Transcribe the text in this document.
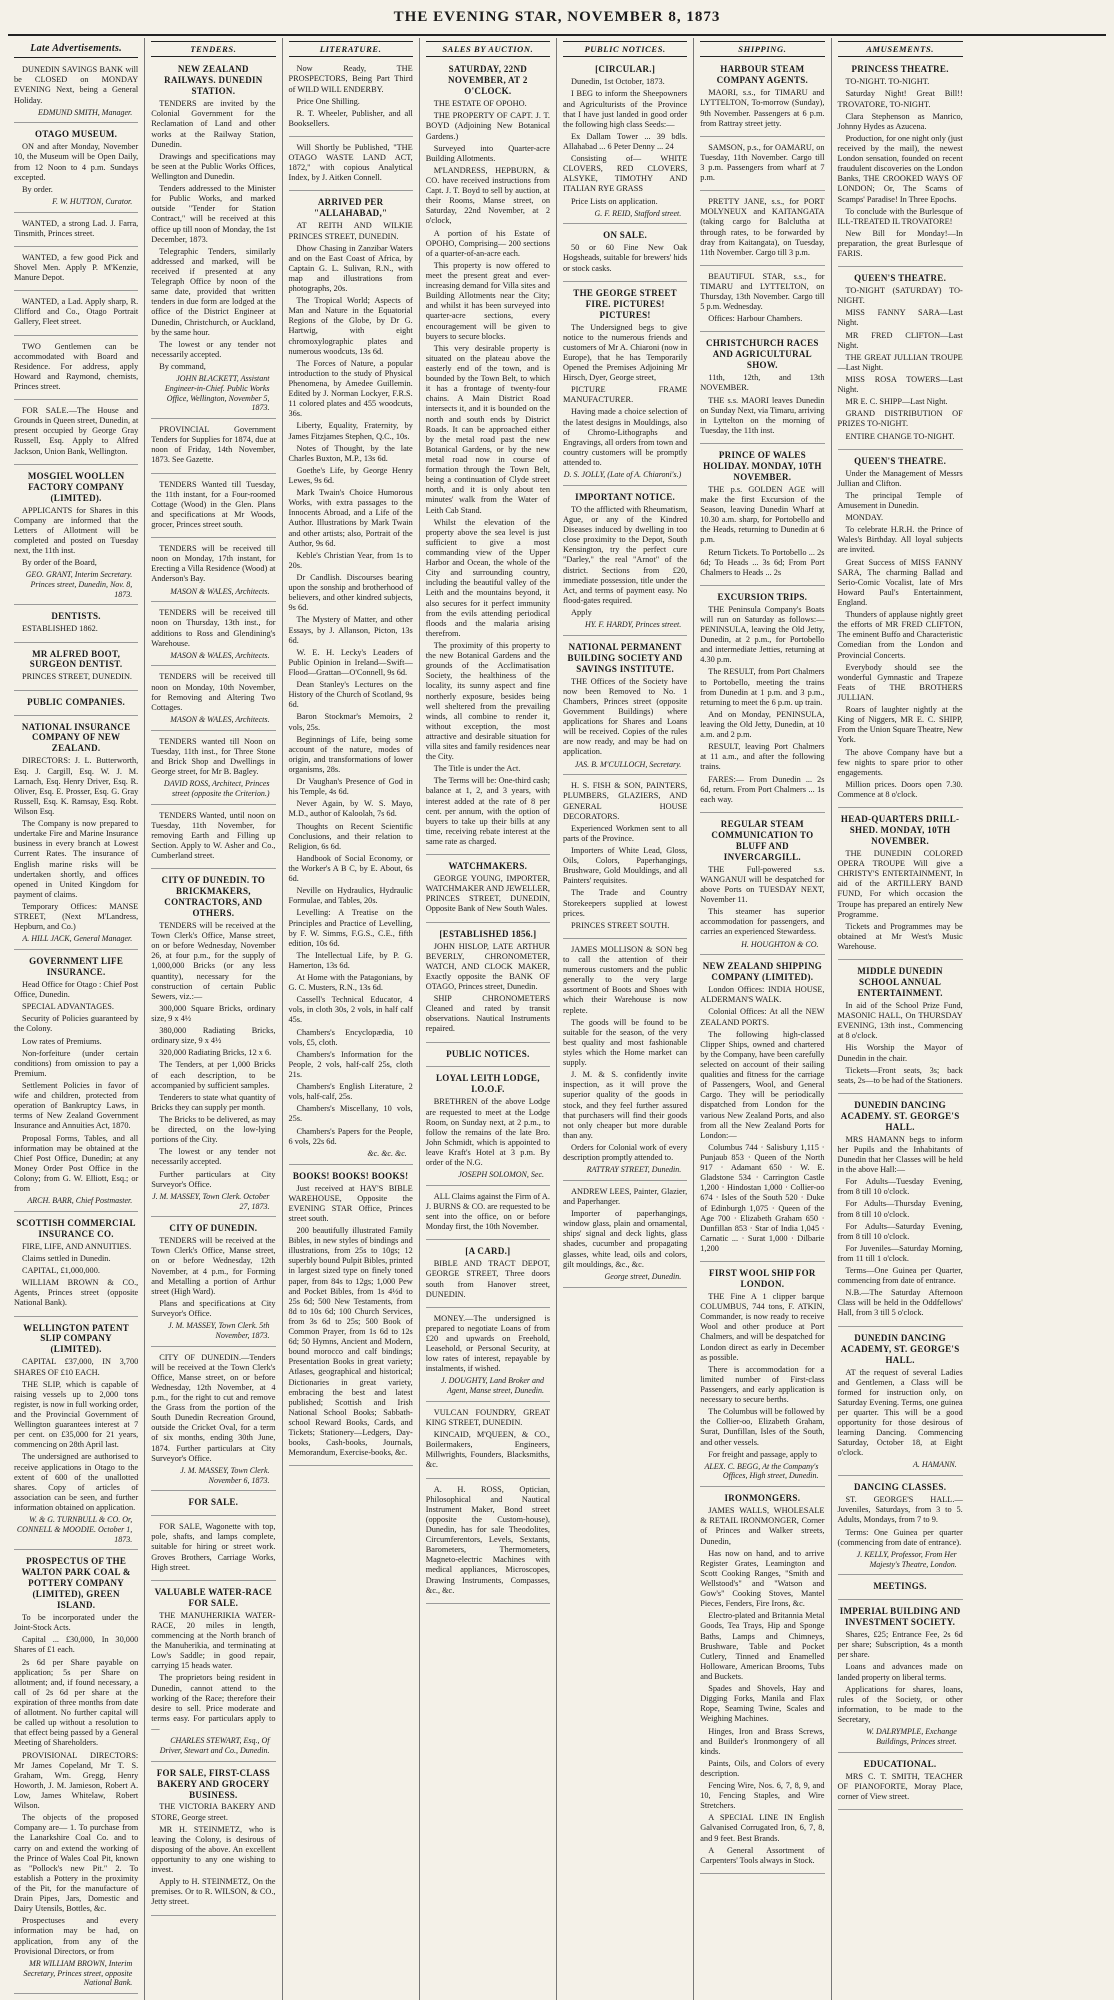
THE EVENING STAR, NOVEMBER 8, 1873
Late Advertisements.

DUNEDIN SAVINGS BANK will be CLOSED on MONDAY EVENING Next, being a General Holiday.

EDMUND SMITH, Manager.
OTAGO MUSEUM.

ON and after Monday, November 10, the Museum will be Open Daily, from 12 Noon to 4 p.m. Sundays excepted.

By order.

F. W. HUTTON, Curator.

WANTED, a strong Lad. J. Farra, Tinsmith, Princes street.

WANTED, a few good Pick and Shovel Men. Apply P. M'Kenzie, Manure Depot.

WANTED, a Lad. Apply sharp, R. Clifford and Co., Otago Portrait Gallery, Fleet street.

TWO Gentlemen can be accommodated with Board and Residence. For address, apply Howard and Raymond, chemists, Princes street.

FOR SALE.—The House and Grounds in Queen street, Dunedin, at present occupied by George Gray Russell, Esq. Apply to Alfred Jackson, Union Bank, Wellington.

MOSGIEL WOOLLEN FACTORY COMPANY (LIMITED).

APPLICANTS for Shares in this Company are informed that the Letters of Allotment will be completed and posted on Tuesday next, the 11th inst.

By order of the Board,

GEO. GRANT, Interim Secretary. Princes street, Dunedin, Nov. 8, 1873.
DENTISTS.

ESTABLISHED 1862.

MR ALFRED BOOT, SURGEON DENTIST.

PRINCES STREET, DUNEDIN.

PUBLIC COMPANIES.
NATIONAL INSURANCE COMPANY OF NEW ZEALAND.

DIRECTORS: J. L. Butterworth, Esq. J. Cargill, Esq. W. J. M. Larnach, Esq. Henry Driver, Esq. R. Oliver, Esq. E. Prosser, Esq. G. Gray Russell, Esq. K. Ramsay, Esq. Robt. Wilson Esq.

The Company is now prepared to undertake Fire and Marine Insurance business in every branch at Lowest Current Rates. The insurance of English marine risks will be undertaken shortly, and offices opened in United Kingdom for payment of claims.

Temporary Offices: MANSE STREET, (Next M'Landress, Hepburn, and Co.)

A. HILL JACK, General Manager.
GOVERNMENT LIFE INSURANCE.

Head Office for Otago : Chief Post Office, Dunedin.

SPECIAL ADVANTAGES.

Security of Policies guaranteed by the Colony.

Low rates of Premiums.

Non-forfeiture (under certain conditions) from omission to pay a Premium.

Settlement Policies in favor of wife and children, protected from operation of Bankruptcy Laws, in terms of New Zealand Government Insurance and Annuities Act, 1870.

Proposal Forms, Tables, and all information may be obtained at the Chief Post Office, Dunedin; at any Money Order Post Office in the Colony; from G. W. Elliott, Esq.; or from

ARCH. BARR, Chief Postmaster.
SCOTTISH COMMERCIAL INSURANCE CO.

FIRE, LIFE, AND ANNUITIES.

Claims settled in Dunedin.

CAPITAL, £1,000,000.

WILLIAM BROWN & CO., Agents, Princes street (opposite National Bank).

WELLINGTON PATENT SLIP COMPANY (LIMITED).

CAPITAL £37,000, IN 3,700 SHARES OF £10 EACH.

THE SLIP, which is capable of raising vessels up to 2,000 tons register, is now in full working order, and the Provincial Government of Wellington guarantees interest at 7 per cent. on £35,000 for 21 years, commencing on 28th April last.

The undersigned are authorised to receive applications in Otago to the extent of 600 of the unallotted shares. Copy of articles of association can be seen, and further information obtained on application.

W. & G. TURNBULL & CO. Or, CONNELL & MOODIE. October 1, 1873.
PROSPECTUS OF THE WALTON PARK COAL & POTTERY COMPANY (LIMITED), GREEN ISLAND.

To be incorporated under the Joint-Stock Acts.

Capital ... £30,000, In 30,000 Shares of £1 each.

2s 6d per Share payable on application; 5s per Share on allotment; and, if found necessary, a call of 2s 6d per share at the expiration of three months from date of allotment. No further capital will be called up without a resolution to that effect being passed by a General Meeting of Shareholders.

PROVISIONAL DIRECTORS: Mr James Copeland, Mr T. S. Graham, Wm. Gregg, Henry Howorth, J. M. Jamieson, Robert A. Low, James Whitelaw, Robert Wilson.

The objects of the proposed Company are— 1. To purchase from the Lanarkshire Coal Co. and to carry on and extend the working of the Prince of Wales Coal Pit, known as "Pollock's new Pit." 2. To establish a Pottery in the proximity of the Pit, for the manufacture of Drain Pipes, Jars, Domestic and Dairy Utensils, Bottles, &c.

Prospectuses and every information may be had, on application, from any of the Provisional Directors, or from

MR WILLIAM BROWN, Interim Secretary, Princes street, opposite National Bank.
TENDERS.
NEW ZEALAND RAILWAYS. DUNEDIN STATION.

TENDERS are invited by the Colonial Government for the Reclamation of Land and other works at the Railway Station, Dunedin.

Drawings and specifications may be seen at the Public Works Offices, Wellington and Dunedin.

Tenders addressed to the Minister for Public Works, and marked outside "Tender for Station Contract," will be received at this office up till noon of Monday, the 1st December, 1873.

Telegraphic Tenders, similarly addressed and marked, will be received if presented at any Telegraph Office by noon of the same date, provided that written tenders in due form are lodged at the office of the District Engineer at Dunedin, Christchurch, or Auckland, by the same hour.

The lowest or any tender not necessarily accepted.

By command,

JOHN BLACKETT, Assistant Engineer-in-Chief. Public Works Office, Wellington, November 5, 1873.

PROVINCIAL Government Tenders for Supplies for 1874, due at noon of Friday, 14th November, 1873. See Gazette.

TENDERS Wanted till Tuesday, the 11th instant, for a Four-roomed Cottage (Wood) in the Glen. Plans and specifications at Mr Woods, grocer, Princes street south.

TENDERS will be received till noon on Monday, 17th instant, for Erecting a Villa Residence (Wood) at Anderson's Bay.

MASON & WALES, Architects.

TENDERS will be received till noon on Thursday, 13th inst., for additions to Ross and Glendining's Warehouse.

MASON & WALES, Architects.

TENDERS will be received till noon on Monday, 10th November, for Removing and Altering Two Cottages.

MASON & WALES, Architects.

TENDERS wanted till Noon on Tuesday, 11th inst., for Three Stone and Brick Shop and Dwellings in George street, for Mr B. Bagley.

DAVID ROSS, Architect, Princes street (opposite the Criterion.)

TENDERS Wanted, until noon on Tuesday, 11th November, for removing Earth and Filling up Section. Apply to W. Asher and Co., Cumberland street.

CITY OF DUNEDIN. TO BRICKMAKERS, CONTRACTORS, AND OTHERS.

TENDERS will be received at the Town Clerk's Office, Manse street, on or before Wednesday, November 26, at four p.m., for the supply of 1,000,000 Bricks (or any less quantity), necessary for the construction of certain Public Sewers, viz.:—

300,000 Square Bricks, ordinary size, 9 x 4½

380,000 Radiating Bricks, ordinary size, 9 x 4½

320,000 Radiating Bricks, 12 x 6.

The Tenders, at per 1,000 Bricks of each description, to be accompanied by sufficient samples.

Tenderers to state what quantity of Bricks they can supply per month.

The Bricks to be delivered, as may be directed, on the low-lying portions of the City.

The lowest or any tender not necessarily accepted.

Further particulars at City Surveyor's Office.

J. M. MASSEY, Town Clerk. October 27, 1873.
CITY OF DUNEDIN.

TENDERS will be received at the Town Clerk's Office, Manse street, on or before Wednesday, 12th November, at 4 p.m., for Forming and Metalling a portion of Arthur street (High Ward).

Plans and specifications at City Surveyor's Office.

J. M. MASSEY, Town Clerk. 5th November, 1873.

CITY OF DUNEDIN.—Tenders will be received at the Town Clerk's Office, Manse street, on or before Wednesday, 12th November, at 4 p.m., for the right to cut and remove the Grass from the portion of the South Dunedin Recreation Ground, outside the Cricket Oval, for a term of six months, ending 30th June, 1874. Further particulars at City Surveyor's Office.

J. M. MASSEY, Town Clerk. November 6, 1873.
FOR SALE.

FOR SALE, Wagonette with top, pole, shafts, and lamps complete, suitable for hiring or street work. Groves Brothers, Carriage Works, High street.

VALUABLE WATER-RACE FOR SALE.

THE MANUHERIKIA WATER-RACE, 20 miles in length, commencing at the North branch of the Manuherikia, and terminating at Low's Saddle; in good repair, carrying 15 heads water.

The proprietors being resident in Dunedin, cannot attend to the working of the Race; therefore their desire to sell. Price moderate and terms easy. For particulars apply to—

CHARLES STEWART, Esq., Of Driver, Stewart and Co., Dunedin.
FOR SALE, FIRST-CLASS BAKERY AND GROCERY BUSINESS.

THE VICTORIA BAKERY AND STORE, George street.

MR H. STEINMETZ, who is leaving the Colony, is desirous of disposing of the above. An excellent opportunity to any one wishing to invest.

Apply to H. STEINMETZ, On the premises. Or to R. WILSON, & CO., Jetty street.

LITERATURE.

Now Ready, THE PROSPECTORS, Being Part Third of WILD WILL ENDERBY.

Price One Shilling.

R. T. Wheeler, Publisher, and all Booksellers.

Will Shortly be Published, "THE OTAGO WASTE LAND ACT, 1872," with copious Analytical Index, by J. Aitken Connell.

ARRIVED PER "ALLAHABAD,"

AT REITH AND WILKIE PRINCES STREET, DUNEDIN.

Dhow Chasing in Zanzibar Waters and on the East Coast of Africa, by Captain G. L. Sulivan, R.N., with map and illustrations from photographs, 20s.

The Tropical World; Aspects of Man and Nature in the Equatorial Regions of the Globe, by Dr G. Hartwig, with eight chromoxylographic plates and numerous woodcuts, 13s 6d.

The Forces of Nature, a popular introduction to the study of Physical Phenomena, by Amedee Guillemin. Edited by J. Norman Lockyer, F.R.S. 11 colored plates and 455 woodcuts, 36s.

Liberty, Equality, Fraternity, by James Fitzjames Stephen, Q.C., 10s.

Notes of Thought, by the late Charles Buxton, M.P., 13s 6d.

Goethe's Life, by George Henry Lewes, 9s 6d.

Mark Twain's Choice Humorous Works, with extra passages to the Innocents Abroad, and a Life of the Author. Illustrations by Mark Twain and other artists; also, Portrait of the Author, 9s 6d.

Keble's Christian Year, from 1s to 20s.

Dr Candlish. Discourses bearing upon the sonship and brotherhood of believers, and other kindred subjects, 9s 6d.

The Mystery of Matter, and other Essays, by J. Allanson, Picton, 13s 6d.

W. E. H. Lecky's Leaders of Public Opinion in Ireland—Swift—Flood—Grattan—O'Connell, 9s 6d.

Dean Stanley's Lectures on the History of the Church of Scotland, 9s 6d.

Baron Stockmar's Memoirs, 2 vols, 25s.

Beginnings of Life, being some account of the nature, modes of origin, and transformations of lower organisms, 28s.

Dr Vaughan's Presence of God in his Temple, 4s 6d.

Never Again, by W. S. Mayo, M.D., author of Kaloolah, 7s 6d.

Thoughts on Recent Scientific Conclusions, and their relation to Religion, 6s 6d.

Handbook of Social Economy, or the Worker's A B C, by E. About, 6s 6d.

Neville on Hydraulics, Hydraulic Formulae, and Tables, 20s.

Levelling: A Treatise on the Principles and Practice of Levelling, by F. W. Simms, F.G.S., C.E., fifth edition, 10s 6d.

The Intellectual Life, by P. G. Hamerton, 13s 6d.

At Home with the Patagonians, by G. C. Musters, R.N., 13s 6d.

Cassell's Technical Educator, 4 vols, in cloth 30s, 2 vols, in half calf 45s.

Chambers's Encyclopædia, 10 vols, £5, cloth.

Chambers's Information for the People, 2 vols, half-calf 25s, cloth 21s.

Chambers's English Literature, 2 vols, half-calf, 25s.

Chambers's Miscellany, 10 vols, 25s.

Chambers's Papers for the People, 6 vols, 22s 6d.

&c. &c. &c.
BOOKS! BOOKS! BOOKS!

Just received at HAY'S BIBLE WAREHOUSE, Opposite the EVENING STAR Office, Princes street south.

200 beautifully illustrated Family Bibles, in new styles of bindings and illustrations, from 25s to 10gs; 12 superbly bound Pulpit Bibles, printed in largest sized type on finely toned paper, from 84s to 12gs; 1,000 Pew and Pocket Bibles, from 1s 4½d to 25s 6d; 500 New Testaments, from 8d to 10s 6d; 100 Church Services, from 3s 6d to 25s; 500 Book of Common Prayer, from 1s 6d to 12s 6d; 50 Hymns, Ancient and Modern, bound morocco and calf bindings; Presentation Books in great variety; Atlases, geographical and historical; Dictionaries in great variety, embracing the best and latest published; Scottish and Irish National School Books; Sabbath-school Reward Books, Cards, and Tickets; Stationery—Ledgers, Day-books, Cash-books, Journals, Memorandum, Exercise-books, &c.

SALES BY AUCTION.
SATURDAY, 22ND NOVEMBER, AT 2 O'CLOCK.

THE ESTATE OF OPOHO.

THE PROPERTY OF CAPT. J. T. BOYD (Adjoining New Botanical Gardens.)

Surveyed into Quarter-acre Building Allotments.

M'LANDRESS, HEPBURN, & CO. have received instructions from Capt. J. T. Boyd to sell by auction, at their Rooms, Manse street, on Saturday, 22nd November, at 2 o'clock,

A portion of his Estate of OPOHO, Comprising— 200 sections of a quarter-of-an-acre each.

This property is now offered to meet the present great and ever-increasing demand for Villa sites and Building Allotments near the City; and whilst it has been surveyed into quarter-acre sections, every encouragement will be given to buyers to secure blocks.

This very desirable property is situated on the plateau above the easterly end of the town, and is bounded by the Town Belt, to which it has a frontage of twenty-four chains. A Main District Road intersects it, and it is bounded on the north and south ends by District Roads. It can be approached either by the metal road past the new Botanical Gardens, or by the new metal road now in course of formation through the Town Belt, being a continuation of Clyde street north, and it is only about ten minutes' walk from the Water of Leith Cab Stand.

Whilst the elevation of the property above the sea level is just sufficient to give a most commanding view of the Upper Harbor and Ocean, the whole of the City and surrounding country, including the beautiful valley of the Leith and the mountains beyond, it also secures for it perfect immunity from the evils attending periodical floods and the malaria arising therefrom.

The proximity of this property to the new Botanical Gardens and the grounds of the Acclimatisation Society, the healthiness of the locality, its sunny aspect and fine northerly exposure, besides being well sheltered from the prevailing winds, all combine to render it, without exception, the most attractive and desirable situation for villa sites and family residences near the City.

The Title is under the Act.

The Terms will be: One-third cash; balance at 1, 2, and 3 years, with interest added at the rate of 8 per cent. per annum, with the option of buyers to take up their bills at any time, receiving rebate interest at the same rate as charged.

WATCHMAKERS.

GEORGE YOUNG, IMPORTER, WATCHMAKER AND JEWELLER, PRINCES STREET, DUNEDIN, Opposite Bank of New South Wales.

[ESTABLISHED 1856.]

JOHN HISLOP, LATE ARTHUR BEVERLY, CHRONOMETER, WATCH, AND CLOCK MAKER, Exactly opposite the BANK OF OTAGO, Princes street, Dunedin.

SHIP CHRONOMETERS Cleaned and rated by transit observations. Nautical Instruments repaired.

PUBLIC NOTICES.
LOYAL LEITH LODGE, I.O.O.F.

BRETHREN of the above Lodge are requested to meet at the Lodge Room, on Sunday next, at 2 p.m., to follow the remains of the late Bro. John Schmidt, which is appointed to leave Kraft's Hotel at 3 p.m. By order of the N.G.

JOSEPH SOLOMON, Sec.

ALL Claims against the Firm of A. J. BURNS & CO. are requested to be sent into the office, on or before Monday first, the 10th November.

[A CARD.]

BIBLE AND TRACT DEPOT, GEORGE STREET, Three doors south from Hanover street, DUNEDIN.

MONEY.—The undersigned is prepared to negotiate Loans of from £20 and upwards on Freehold, Leasehold, or Personal Security, at low rates of interest, repayable by instalments, if wished.

J. DOUGHTY, Land Broker and Agent, Manse street, Dunedin.

VULCAN FOUNDRY, GREAT KING STREET, DUNEDIN.

KINCAID, M'QUEEN, & CO., Boilermakers, Engineers, Millwrights, Founders, Blacksmiths, &c.

A. H. ROSS, Optician, Philosophical and Nautical Instrument Maker, Bond street (opposite the Custom-house), Dunedin, has for sale Theodolites, Circumferentors, Levels, Sextants, Barometers, Thermometers, Magneto-electric Machines with medical appliances, Microscopes, Drawing Instruments, Compasses, &c., &c.

PUBLIC NOTICES.
[CIRCULAR.]

Dunedin, 1st October, 1873.

I BEG to inform the Sheepowners and Agriculturists of the Province that I have just landed in good order the following high class Seeds:—

Ex Dallam Tower ... 39 bdls. Allahabad ... 6 Peter Denny ... 24

Consisting of— WHITE CLOVERS, RED CLOVERS, ALSYKE, TIMOTHY AND ITALIAN RYE GRASS

Price Lists on application.

G. F. REID, Stafford street.
ON SALE.

50 or 60 Fine New Oak Hogsheads, suitable for brewers' hids or stock casks.

THE GEORGE STREET FIRE. PICTURES! PICTURES!

The Undersigned begs to give notice to the numerous friends and customers of Mr A. Chiaroni (now in Europe), that he has Temporarily Opened the Premises Adjoining Mr Hirsch, Dyer, George street,

PICTURE FRAME MANUFACTURER.

Having made a choice selection of the latest designs in Mouldings, also of Chromo-Lithographs and Engravings, all orders from town and country customers will be promptly attended to.

D. S. JOLLY, (Late of A. Chiaroni's.)
IMPORTANT NOTICE.

TO the afflicted with Rheumatism, Ague, or any of the Kindred Diseases induced by dwelling in too close proximity to the Depot, South Kensington, try the perfect cure "Darley," the real "Arnot" of the district. Sections from £20, immediate possession, title under the Act, and terms of payment easy. No flood-gates required.

Apply

HY. F. HARDY, Princes street.
NATIONAL PERMANENT BUILDING SOCIETY AND SAVINGS INSTITUTE.

THE Offices of the Society have now been Removed to No. 1 Chambers, Princes street (opposite Government Buildings) where applications for Shares and Loans will be received. Copies of the rules are now ready, and may be had on application.

JAS. B. M'CULLOCH, Secretary.

H. S. FISH & SON, PAINTERS, PLUMBERS, GLAZIERS, AND GENERAL HOUSE DECORATORS.

Experienced Workmen sent to all parts of the Province.

Importers of White Lead, Gloss, Oils, Colors, Paperhangings, Brushware, Gold Mouldings, and all Painters' requisites.

The Trade and Country Storekeepers supplied at lowest prices.

PRINCES STREET SOUTH.

JAMES MOLLISON & SON beg to call the attention of their numerous customers and the public generally to the very large assortment of Boots and Shoes with which their Warehouse is now replete.

The goods will be found to be suitable for the season, of the very best quality and most fashionable styles which the Home market can supply.

J. M. & S. confidently invite inspection, as it will prove the superior quality of the goods in stock, and they feel further assured that purchasers will find their goods not only cheaper but more durable than any.

Orders for Colonial work of every description promptly attended to.

RATTRAY STREET, Dunedin.

ANDREW LEES, Painter, Glazier, and Paperhanger.

Importer of paperhangings, window glass, plain and ornamental, ships' signal and deck lights, glass shades, cucumber and propagating glasses, white lead, oils and colors, gilt mouldings, &c., &c.

George street, Dunedin.
SHIPPING.
HARBOUR STEAM COMPANY AGENTS.

MAORI, s.s., for TIMARU and LYTTELTON, To-morrow (Sunday), 9th November. Passengers at 6 p.m. from Rattray street jetty.

SAMSON, p.s., for OAMARU, on Tuesday, 11th November. Cargo till 3 p.m. Passengers from wharf at 7 p.m.

PRETTY JANE, s.s., for PORT MOLYNEUX and KAITANGATA (taking cargo for Balclutha at through rates, to be forwarded by dray from Kaitangata), on Tuesday, 11th November. Cargo till 3 p.m.

BEAUTIFUL STAR, s.s., for TIMARU and LYTTELTON, on Thursday, 13th November. Cargo till 5 p.m. Wednesday.

Offices: Harbour Chambers.

CHRISTCHURCH RACES AND AGRICULTURAL SHOW.

11th, 12th, and 13th NOVEMBER.

THE s.s. MAORI leaves Dunedin on Sunday Next, via Timaru, arriving in Lyttelton on the morning of Tuesday, the 11th inst.

PRINCE OF WALES HOLIDAY. MONDAY, 10TH NOVEMBER.

THE p.s. GOLDEN AGE will make the first Excursion of the Season, leaving Dunedin Wharf at 10.30 a.m. sharp, for Portobello and the Heads, returning to Dunedin at 6 p.m.

Return Tickets. To Portobello ... 2s 6d; To Heads ... 3s 6d; From Port Chalmers to Heads ... 2s

EXCURSION TRIPS.

THE Peninsula Company's Boats will run on Saturday as follows:— PENINSULA, leaving the Old Jetty, Dunedin, at 2 p.m., for Portobello and intermediate Jetties, returning at 4.30 p.m.

The RESULT, from Port Chalmers to Portobello, meeting the trains from Dunedin at 1 p.m. and 3 p.m., returning to meet the 6 p.m. up train.

And on Monday, PENINSULA, leaving the Old Jetty, Dunedin, at 10 a.m. and 2 p.m.

RESULT, leaving Port Chalmers at 11 a.m., and after the following trains.

FARES:— From Dunedin ... 2s 6d, return. From Port Chalmers ... 1s each way.

REGULAR STEAM COMMUNICATION TO BLUFF AND INVERCARGILL.

THE Full-powered s.s. WANGANUI will be despatched for above Ports on TUESDAY NEXT, November 11.

This steamer has superior accommodation for passengers, and carries an experienced Stewardess.

H. HOUGHTON & CO.
NEW ZEALAND SHIPPING COMPANY (LIMITED).

London Offices: INDIA HOUSE, ALDERMAN'S WALK.

Colonial Offices: At all the NEW ZEALAND PORTS.

The following high-classed Clipper Ships, owned and chartered by the Company, have been carefully selected on account of their sailing qualities and fitness for the carriage of Passengers, Wool, and General Cargo. They will be periodically dispatched from London for the various New Zealand Ports, and also from all the New Zealand Ports for London:—

Columbus 744 · Salisbury 1,115 · Punjaub 853 · Queen of the North 917 · Adamant 650 · W. E. Gladstone 534 · Carrington Castle 1,200 · Hindostan 1,000 · Collier-oo 674 · Isles of the South 520 · Duke of Edinburgh 1,075 · Queen of the Age 700 · Elizabeth Graham 650 · Dunfillan 853 · Star of India 1,045 · Carnatic ... · Surat 1,000 · Dilbarie 1,200

FIRST WOOL SHIP FOR LONDON.

THE Fine A 1 clipper barque COLUMBUS, 744 tons, F. ATKIN, Commander, is now ready to receive Wool and other produce at Port Chalmers, and will be despatched for London direct as early in December as possible.

There is accommodation for a limited number of First-class Passengers, and early application is necessary to secure berths.

The Columbus will be followed by the Collier-oo, Elizabeth Graham, Surat, Dunfillan, Isles of the South, and other vessels.

For freight and passage, apply to

ALEX. C. BEGG, At the Company's Offices, High street, Dunedin.
IRONMONGERS.

JAMES WALLS, WHOLESALE & RETAIL IRONMONGER, Corner of Princes and Walker streets, Dunedin,

Has now on hand, and to arrive Register Grates, Leamington and Scott Cooking Ranges, "Smith and Wellstood's" and "Watson and Gow's" Cooking Stoves, Mantel Pieces, Fenders, Fire Irons, &c.

Electro-plated and Britannia Metal Goods, Tea Trays, Hip and Sponge Baths, Lamps and Chimneys, Brushware, Table and Pocket Cutlery, Tinned and Enamelled Holloware, American Brooms, Tubs and Buckets.

Spades and Shovels, Hay and Digging Forks, Manila and Flax Rope, Seaming Twine, Scales and Weighing Machines.

Hinges, Iron and Brass Screws, and Builder's Ironmongery of all kinds.

Paints, Oils, and Colors of every description.

Fencing Wire, Nos. 6, 7, 8, 9, and 10, Fencing Staples, and Wire Stretchers.

A SPECIAL LINE IN English Galvanised Corrugated Iron, 6, 7, 8, and 9 feet. Best Brands.

A General Assortment of Carpenters' Tools always in Stock.

AMUSEMENTS.
PRINCESS THEATRE.

TO-NIGHT. TO-NIGHT.

Saturday Night! Great Bill!! TROVATORE, TO-NIGHT.

Clara Stephenson as Manrico, Johnny Hydes as Azucena.

Production, for one night only (just received by the mail), the newest London sensation, founded on recent fraudulent discoveries on the London Banks, THE CROOKED WAYS OF LONDON; Or, The Scams of Scamps' Paradise! In Three Epochs.

To conclude with the Burlesque of ILL-TREATED IL TROVATORE!

New Bill for Monday!—In preparation, the great Burlesque of FARIS.

QUEEN'S THEATRE.

TO-NIGHT (SATURDAY) TO-NIGHT.

MISS FANNY SARA—Last Night.

MR FRED CLIFTON—Last Night.

THE GREAT JULLIAN TROUPE—Last Night.

MISS ROSA TOWERS—Last Night.

MR E. C. SHIPP—Last Night.

GRAND DISTRIBUTION OF PRIZES TO-NIGHT.

ENTIRE CHANGE TO-NIGHT.

QUEEN'S THEATRE.

Under the Management of Messrs Jullian and Clifton.

The principal Temple of Amusement in Dunedin.

MONDAY.

To celebrate H.R.H. the Prince of Wales's Birthday. All loyal subjects are invited.

Great Success of MISS FANNY SARA, The charming Ballad and Serio-Comic Vocalist, late of Mrs Howard Paul's Entertainment, England.

Thunders of applause nightly greet the efforts of MR FRED CLIFTON, The eminent Buffo and Characteristic Comedian from the London and Provincial Concerts.

Everybody should see the wonderful Gymnastic and Trapeze Feats of THE BROTHERS JULLIAN.

Roars of laughter nightly at the King of Niggers, MR E. C. SHIPP, From the Union Square Theatre, New York.

The above Company have but a few nights to spare prior to other engagements.

Million prices. Doors open 7.30. Commence at 8 o'clock.

HEAD-QUARTERS DRILL-SHED. MONDAY, 10TH NOVEMBER.

THE DUNEDIN COLORED OPERA TROUPE Will give a CHRISTY'S ENTERTAINMENT, In aid of the ARTILLERY BAND FUND, For which occasion the Troupe has prepared an entirely New Programme.

Tickets and Programmes may be obtained at Mr West's Music Warehouse.

MIDDLE DUNEDIN SCHOOL ANNUAL ENTERTAINMENT.

In aid of the School Prize Fund, MASONIC HALL, On THURSDAY EVENING, 13th inst., Commencing at 8 o'clock.

His Worship the Mayor of Dunedin in the chair.

Tickets—Front seats, 3s; back seats, 2s—to be had of the Stationers.

DUNEDIN DANCING ACADEMY. ST. GEORGE'S HALL.

MRS HAMANN begs to inform her Pupils and the Inhabitants of Dunedin that her Classes will be held in the above Hall:—

For Adults—Tuesday Evening, from 8 till 10 o'clock.

For Adults—Thursday Evening, from 8 till 10 o'clock.

For Adults—Saturday Evening, from 8 till 10 o'clock.

For Juveniles—Saturday Morning, from 11 till 1 o'clock.

Terms—One Guinea per Quarter, commencing from date of entrance.

N.B.—The Saturday Afternoon Class will be held in the Oddfellows' Hall, from 3 till 5 o'clock.

DUNEDIN DANCING ACADEMY, ST. GEORGE'S HALL.

AT the request of several Ladies and Gentlemen, a Class will be formed for instruction only, on Saturday Evening. Terms, one guinea per quarter. This will be a good opportunity for those desirous of learning Dancing. Commencing Saturday, October 18, at Eight o'clock.

A. HAMANN.
DANCING CLASSES.

ST. GEORGE'S HALL.—Juveniles, Saturdays, from 3 to 5. Adults, Mondays, from 7 to 9.

Terms: One Guinea per quarter (commencing from date of entrance).

J. KELLY, Professor, From Her Majesty's Theatre, London.
MEETINGS.
IMPERIAL BUILDING AND INVESTMENT SOCIETY.

Shares, £25; Entrance Fee, 2s 6d per share; Subscription, 4s a month per share.

Loans and advances made on landed property on liberal terms.

Applications for shares, loans, rules of the Society, or other information, to be made to the Secretary,

W. DALRYMPLE, Exchange Buildings, Princes street.
EDUCATIONAL.

MRS C. T. SMITH, TEACHER OF PIANOFORTE, Moray Place, corner of View street.
